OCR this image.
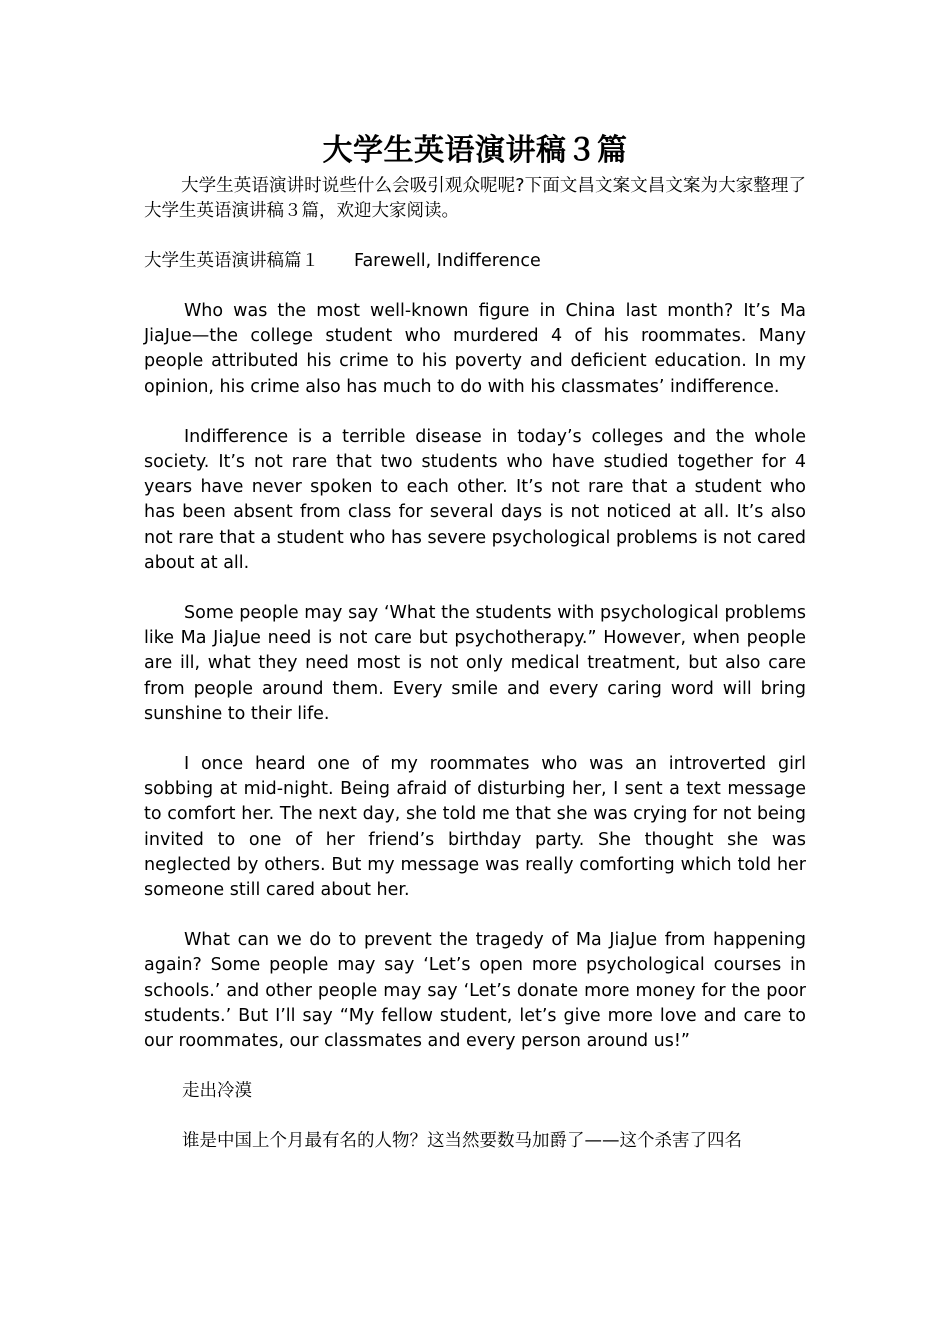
大学生英语演讲稿３篇

大学生英语演讲时说些什么会吸引观众呢呢?下面文昌文案文昌文案为大家整理了大学生英语演讲稿３篇，欢迎大家阅读。

大学生英语演讲稿篇１　　Farewell, Indifference

Who was the most well-known figure in China last month? It’s Ma JiaJue—the college student who murdered 4 of his roommates. Many people attributed his crime to his poverty and deficient education. In my opinion, his crime also has much to do with his classmates’ indifference.

Indifference is a terrible disease in today’s colleges and the whole society. It’s not rare that two students who have studied together for 4 years have never spoken to each other. It’s not rare that a student who has been absent from class for several days is not noticed at all. It’s also not rare that a student who has severe psychological problems is not cared about at all.

Some people may say ‘What the students with psychological problems like Ma JiaJue need is not care but psychotherapy.” However, when people are ill, what they need most is not only medical treatment, but also care from people around them. Every smile and every caring word will bring sunshine to their life.

I once heard one of my roommates who was an introverted girl sobbing at mid-night. Being afraid of disturbing her, I sent a text message to comfort her. The next day, she told me that she was crying for not being invited to one of her friend’s birthday party. She thought she was neglected by others. But my message was really comforting which told her someone still cared about her.

What can we do to prevent the tragedy of Ma JiaJue from happening again? Some people may say ‘Let’s open more psychological courses in schools.’ and other people may say ‘Let’s donate more money for the poor students.’ But I’ll say “My fellow student, let’s give more love and care to our roommates, our classmates and every person around us!”

走出冷漠

谁是中国上个月最有名的人物？这当然要数马加爵了——这个杀害了四名
